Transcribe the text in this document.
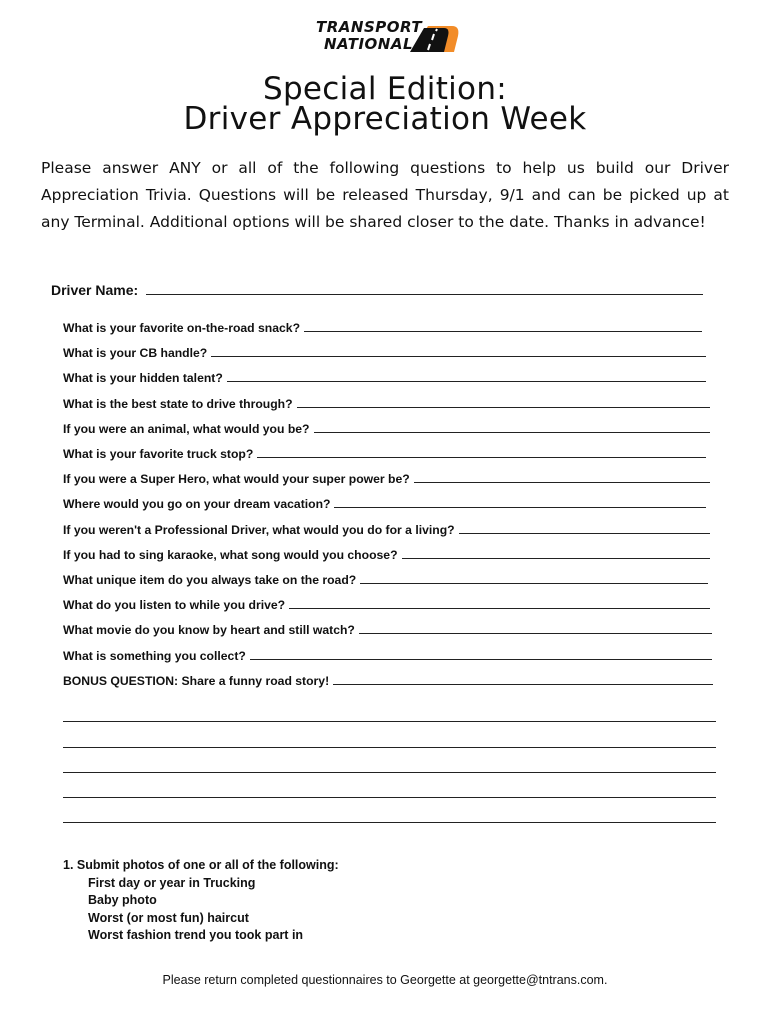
TRANSPORT
NATIONAL
Special Edition:
Driver Appreciation Week
Please answer ANY or all of the following questions to help us build our Driver Appreciation Trivia. Questions will be released Thursday, 9/1 and can be picked up at any Terminal. Additional options will be shared closer to the date. Thanks in advance!
Driver Name:
What is your favorite on-the-road snack?
What is your CB handle?
What is your hidden talent?
What is the best state to drive through?
If you were an animal, what would you be?
What is your favorite truck stop?
If you were a Super Hero, what would your super power be?
Where would you go on your dream vacation?
If you weren't a Professional Driver, what would you do for a living?
If you had to sing karaoke, what song would you choose?
What unique item do you always take on the road?
What do you listen to while you drive?
What movie do you know by heart and still watch?
What is something you collect?
BONUS QUESTION: Share a funny road story!
1. Submit photos of one or all of the following:
First day or year in Trucking
Baby photo
Worst (or most fun) haircut
Worst fashion trend you took part in
Please return completed questionnaires to Georgette at georgette@tntrans.com.
